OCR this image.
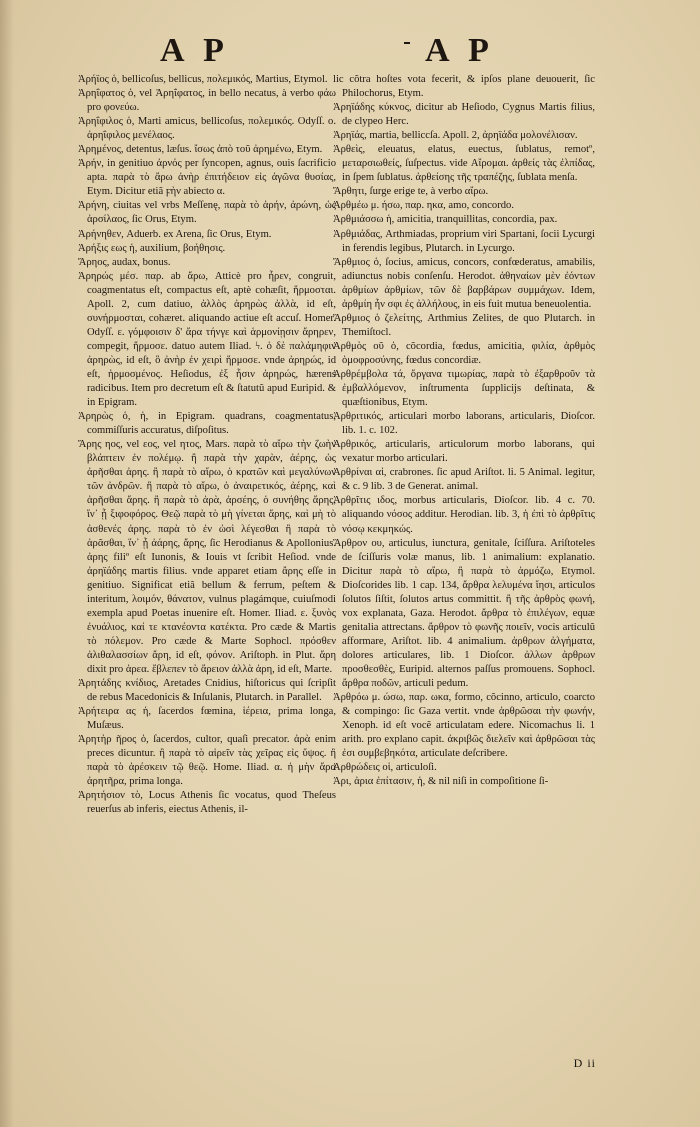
A P	A P

Ἀρήϊος ὁ, bellicoſus, bellicus, πολεμικός, Martius, Etymol.

Ἀρηΐφατος ὁ, vel Ἀρηΐφατος, in bello necatus, à verbo φάω pro φονεύω.

Ἀρηΐφιλος ὁ, Marti amicus, bellicoſus, πολεμικός. Odyſſ. ο. ἀρηΐφιλος μενέλαος.

Ἀρημένος, detentus, læſus. ἴσως ἀπὸ τοῦ ἀρημένω, Etym.

Ἀρήν, in genitiuo ἀρνός per ſyncopen, agnus, ouis ſacrificio apta. παρὰ τὸ ἄρω ἀνὴρ ἐπιτήδειον εἰς ἀγῶνα θυσίας, Etym. Dicitur etiã ϝὴν abiecto α.

Ἀρήνη, ciuitas vel vrbs Meſſenę, παρὰ τὸ ἀρήν, ἀρώνη, ὡς ἀρσίλαος, ſic Orus, Etym.

Ἀρήνηθεν, Aduerb. ex Arena, ſic Orus, Etym.

Ἀρήξις εως ἡ, auxilium, βοήθησις.

Ἄρηος, audax, bonus.

Ἀρηρώς μέσ. παρ. ab ἄρω, Atticè pro ἦρεν, congruit, coagmentatus eſt, compactus eſt, aptè cohæſit, ἥρμοσται. Apoll. 2, cum datiuo, ἀλλὸς ἀρηρὼς ἀλλὰ, id eſt, συνήρμοσται, cohæret. aliquando actiue eſt accuſ. Homer. Odyſſ. ε. γόμφοισιν δ' ἄρα τήνγε καὶ ἁρμονίῃσιν ἄρηρεν, compegit, ἥρμοσε. datuo autem Iliad. ϟ. ὁ δὲ παλάμηφιν ἀρηρὼς, id eſt, ὃ ἀνὴρ ἐν χειρὶ ἥρμοσε. vnde ἀρηρώς, id eſt, ἡρμοσμένος. Heſiodus, ἐξ ἧσιν ἀρηρώς, hærens radicibus. Item pro decretum eſt & ſtatutũ apud Euripid. & in Epigram.

Ἀρηρὼς ὁ, ἡ, in Epigram. quadrans, coagmentatus, commiſſuris accuratus, diſpoſitus.

Ἄρης ηος, vel εος, vel ητος, Mars. παρὰ τὸ αἴρω τὴν ζωὴν βλάπτειν ἐν πολέμῳ. ἢ παρὰ τὴν χαρὰν, ἀέρης, ὡς ἀρῆσθαι ἀρης. ἢ παρὰ τὸ αἴρω, ὁ κρατῶν καὶ μεγαλύνων τῶν ἀνδρῶν. ἢ παρὰ τὸ αἴρω, ὁ ἀναιρετικός, ἀέρης, καὶ ἀρῆσθαι ἄρης. ἢ παρὰ τὸ ἀρὰ, ἀρσέης, ὁ συνήθης ἄρης, ἵν᾽ ᾖ ξιφοφόρος. Θεῷ παρὰ τὸ μὴ γίνεται ἄρης, καὶ μὴ τὸ ἀσθενές ἀρης. παρὰ τὸ ἐν ὠσὶ λέγεσθαι ἢ παρὰ τὸ ἀρᾶσθαι, ἵν᾽ ᾖ ἀάρης, ἄρης, ſic Herodianus & Apollonius. ἀρης filiº eſt Iunonis, & Iouis vt ſcribit Heſiod. vnde ἀρηϊάδης martis filius. vnde apparet etiam ἄρης eſſe in genitiuo. Significat etiã bellum & ferrum, peſtem & interitum, λοιμόν, θάνατον, vulnus plagámque, cuiuſmodi exempla apud Poetas inuenire eſt. Homer. Iliad. ε. ξυνὸς ἐνυάλιος, καί τε κτανέοντα κατέκτα. Pro cæde & Martis τὸ πόλεμον. Pro cæde & Marte Sophocl. πρόσθεν ἀλιθαλασσίων ἄρη, id eſt, φόνον. Ariſtoph. in Plut. ἄρη dixit pro ἀρεα. ἔβλεπεν τὸ ἄρειον ἀλλὰ ἀρη, id eſt, Marte.

Ἀρητάδης κνίδιος, Aretades Cnidius, hiſtoricus qui ſcripſit de rebus Macedonicis & Inſulanis, Plutarch. in Parallel.

Ἀρήτειρα ας ἡ, ſacerdos fœmina, ἱέρεια, prima longa, Muſæus.

Ἀρητὴρ ῆρος ὁ, ſacerdos, cultor, quaſi precator. ἀρὰ enim preces dicuntur. ἢ παρὰ τὸ αἱρεῖν τὰς χεῖρας εἰς ὕψος. ἢ παρὰ τὸ ἀρέσκειν τῷ θεῷ. Home. Iliad. α. ἡ μὴν ἄρα ἀρητῆρα, prima longa.

Ἀρητήσιον τὸ, Locus Athenis ſic vocatus, quod Theſeus reuerſus ab inferis, eiectus Athenis, il-

lic cõtra hoſtes vota fecerit, & ipſos plane deuouerit, ſic Philochorus, Etym.

Ἀρηϊάδης κύκνος, dicitur ab Heſiodo, Cygnus Martis filius, de clypeo Herc.

Ἀρηϊάς, martia, belliccſa. Apoll. 2, ἀρηϊάδα μολονέλισαν.

Ἀρθεὶς, eleuatus, elatus, euectus, ſublatus, remotº, μεταρσιωθείς, ſuſpectus. vide Αἴρομαι. ἀρθείς τὰς ἐλπίδας, in ſpem ſublatus. ἀρθείσης τῆς τραπέζης, ſublata menſa.

Ἄρθητι, ſurge erige te, à verbo αἴρω.

Ἀρθμέω μ. ήσω, παρ. ηκα, amo, concordo.

Ἀρθμιάσσω ἡ, amicitia, tranquillitas, concordia, pax.

Ἀρθμιάδας, Arthmiadas, proprium viri Spartani, ſocii Lycurgi in ferendis legibus, Plutarch. in Lycurgo.

Ἄρθμιος ὁ, ſocius, amicus, concors, confœderatus, amabilis, adiunctus nobis conſenſu. Herodot. ἀθηναίων μὲν ἐόντων ἀρθμίων ἀρθμίων, τῶν δὲ βαρβάρων συμμάχων. Idem, ἀρθμίη ἦν σφι ἐς ἀλλήλους, in eis fuit mutua beneuolentia.

Ἄρθμιος ὁ ζελείτης, Arthmius Zelites, de quo Plutarch. in Themiſtocl.

Ἀρθμὸς οῦ ὁ, cõcordia, fœdus, amicitia, φιλία, ἀρθμὸς ὁμοφροσύνης, fœdus concordiæ.

Ἀρθρέμβολα τά, ὄργανα τιμωρίας, παρὰ τὸ ἐξαρθροῦν τὰ ἐμβαλλόμενον, inſtrumenta ſupplicijs deſtinata, & quæſtionibus, Etym.

Ἀρθριτικός, articulari morbo laborans, articularis, Dioſcor. lib. 1. c. 102.

Ἀρθρικός, articularis, articulorum morbo laborans, qui vexatur morbo articulari.

Ἀρθρίναι αἱ, crabrones. ſic apud Ariſtot. li. 5 Animal. legitur, & c. 9 lib. 3 de Generat. animal.

Ἀρθρῖτις ιδος, morbus articularis, Dioſcor. lib. 4 c. 70. aliquando νόσος additur. Herodian. lib. 3, ἡ ἐπὶ τὸ ἀρθρῖτις νόσῳ κεκμηκώς.

Ἄρθρον ου, articulus, iunctura, genitale, ſciſſura. Ariſtoteles de ſciſſuris volæ manus, lib. 1 animalium: explanatio. Dicitur παρὰ τὸ αἴρω, ἢ παρὰ τὸ ἀρμόζω, Etymol. Dioſcorides lib. 1 cap. 134, ἄρθρα λελυμένα ἴησι, articulos ſolutos ſiſtit, ſolutos artus committit. ἢ τῆς ἀρθρὸς φωνή, vox explanata, Gaza. Herodot. ἄρθρα τὸ ἐπιλέγων, equæ genitalia attrectans. ἄρθρον τὸ φωνῆς ποιεῖν, vocis articulũ afformare, Ariſtot. lib. 4 animalium. ἀρθρων ἀλγήματα, dolores articulares, lib. 1 Dioſcor. ἀλλων ἀρθρων προσθεσθὲς, Euripid. alternos paſſus promouens. Sophocl. ἄρθρα ποδῶν, articuli pedum.

Ἀρθρόω μ. ώσω, παρ. ωκα, formo, cõcinno, articulo, coarcto & compingo: ſic Gaza vertit. vnde ἀρθρῶσαι τὴν φωνήν, Xenoph. id eſt vocẽ articulatam edere. Nicomachus li. 1 arith. pro explano capit. ἀκριβῶς διελεῖν καὶ ἀρθρῶσαι τὰς ἐσι συμβεβηκότα, articulate deſcribere.

Ἀρθρώδεις οἱ, articuloſi.

Ἀρι, ἀρια ἐπίτασιν, ἡ, & nil niſi in compoſitione ſi-

D ii
